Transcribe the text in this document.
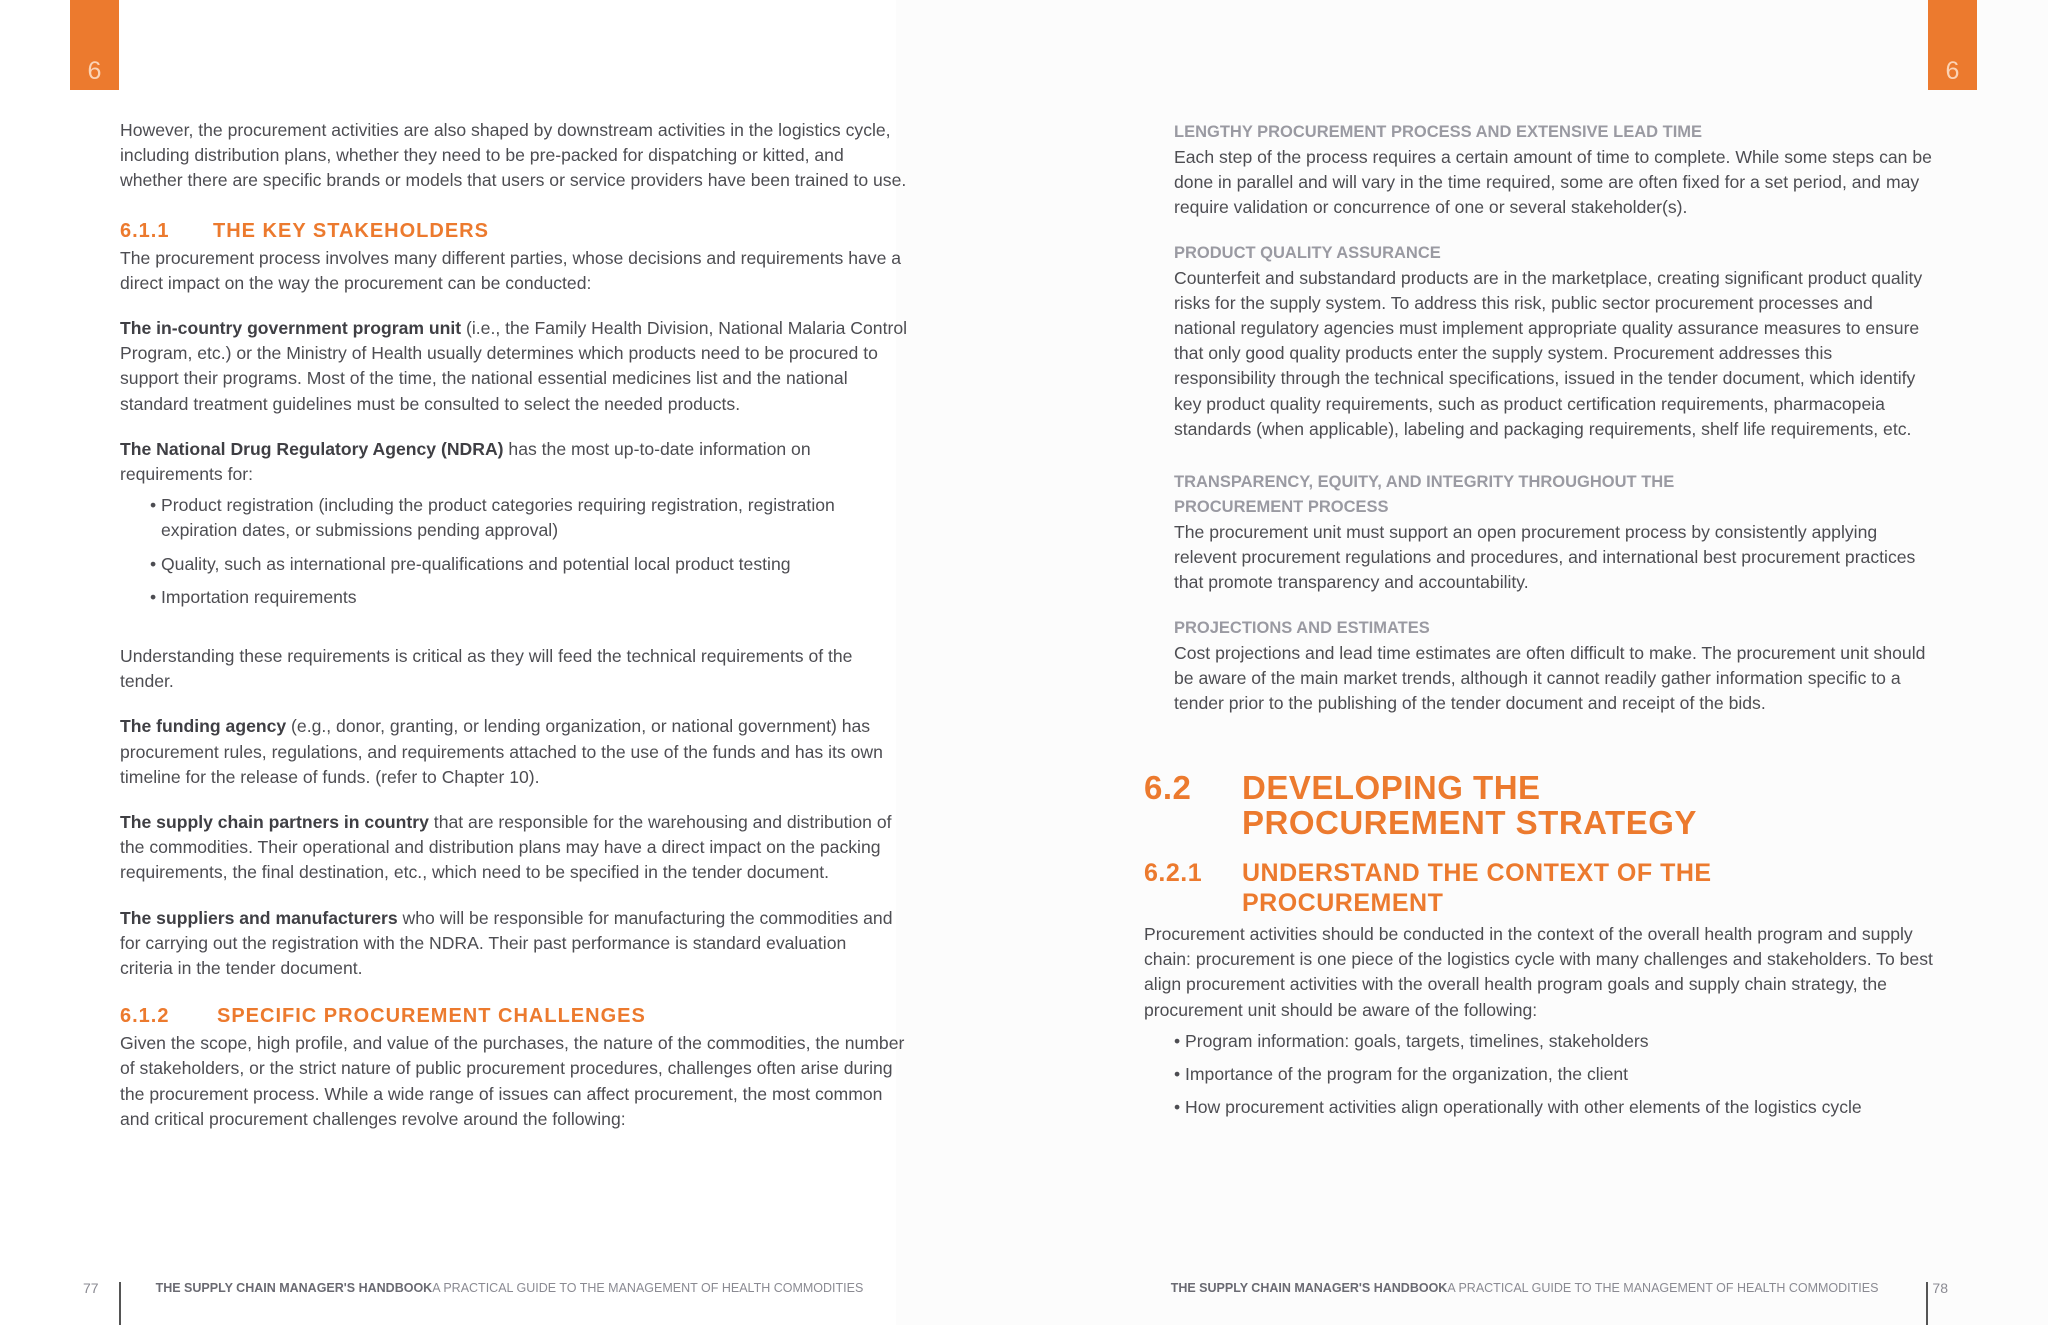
6	6

However, the procurement activities are also shaped by downstream activities in the logistics cycle, including distribution plans, whether they need to be pre-packed for dispatching or kitted, and whether there are specific brands or models that users or service providers have been trained to use.

6.1.1 THE KEY STAKEHOLDERS

The procurement process involves many different parties, whose decisions and requirements have a direct impact on the way the procurement can be conducted:

The in-country government program unit (i.e., the Family Health Division, National Malaria Control Program, etc.) or the Ministry of Health usually determines which products need to be procured to support their programs. Most of the time, the national essential medicines list and the national standard treatment guidelines must be consulted to select the needed products.

The National Drug Regulatory Agency (NDRA) has the most up-to-date information on requirements for:

• Product registration (including the product categories requiring registration, registration expiration dates, or submissions pending approval)
• Quality, such as international pre-qualifications and potential local product testing
• Importation requirements

Understanding these requirements is critical as they will feed the technical requirements of the tender.

The funding agency (e.g., donor, granting, or lending organization, or national government) has procurement rules, regulations, and requirements attached to the use of the funds and has its own timeline for the release of funds. (refer to Chapter 10).

The supply chain partners in country that are responsible for the warehousing and distribution of the commodities. Their operational and distribution plans may have a direct impact on the packing requirements, the final destination, etc., which need to be specified in the tender document.

The suppliers and manufacturers who will be responsible for manufacturing the commodities and for carrying out the registration with the NDRA. Their past performance is standard evaluation criteria in the tender document.

6.1.2 SPECIFIC PROCUREMENT CHALLENGES

Given the scope, high profile, and value of the purchases, the nature of the commodities, the number of stakeholders, or the strict nature of public procurement procedures, challenges often arise during the procurement process. While a wide range of issues can affect procurement, the most common and critical procurement challenges revolve around the following:

LENGTHY PROCUREMENT PROCESS AND EXTENSIVE LEAD TIME

Each step of the process requires a certain amount of time to complete. While some steps can be done in parallel and will vary in the time required, some are often fixed for a set period, and may require validation or concurrence of one or several stakeholder(s).

PRODUCT QUALITY ASSURANCE

Counterfeit and substandard products are in the marketplace, creating significant product quality risks for the supply system. To address this risk, public sector procurement processes and national regulatory agencies must implement appropriate quality assurance measures to ensure that only good quality products enter the supply system. Procurement addresses this responsibility through the technical specifications, issued in the tender document, which identify key product quality requirements, such as product certification requirements, pharmacopeia standards (when applicable), labeling and packaging requirements, shelf life requirements, etc.

TRANSPARENCY, EQUITY, AND INTEGRITY THROUGHOUT THE
PROCUREMENT PROCESS

The procurement unit must support an open procurement process by consistently applying relevent procurement regulations and procedures, and international best procurement practices that promote transparency and accountability.

PROJECTIONS AND ESTIMATES

Cost projections and lead time estimates are often difficult to make. The procurement unit should be aware of the main market trends, although it cannot readily gather information specific to a tender prior to the publishing of the tender document and receipt of the bids.

6.2	DEVELOPING THE
PROCUREMENT STRATEGY
6.2.1	UNDERSTAND THE CONTEXT OF THE
PROCUREMENT

Procurement activities should be conducted in the context of the overall health program and supply chain: procurement is one piece of the logistics cycle with many challenges and stakeholders. To best align procurement activities with the overall health program goals and supply chain strategy, the procurement unit should be aware of the following:

• Program information: goals, targets, timelines, stakeholders
• Importance of the program for the organization, the client
• How procurement activities align operationally with other elements of the logistics cycle
77	THE SUPPLY CHAIN MANAGER'S HANDBOOK A PRACTICAL GUIDE TO THE MANAGEMENT OF HEALTH COMMODITIES	THE SUPPLY CHAIN MANAGER'S HANDBOOK A PRACTICAL GUIDE TO THE MANAGEMENT OF HEALTH COMMODITIES	78
